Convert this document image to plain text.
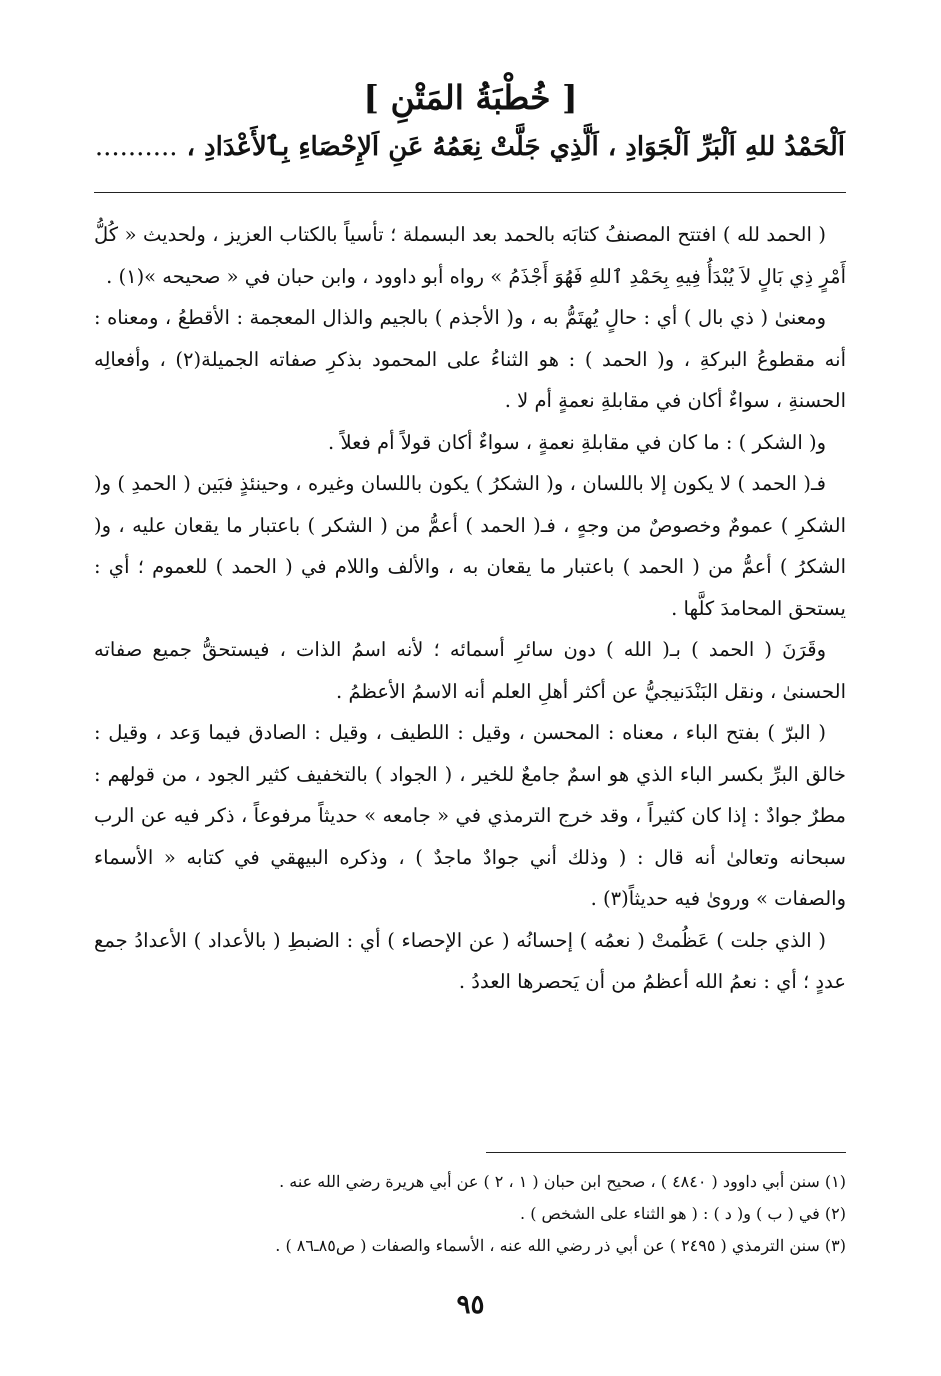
[ خُطْبَةُ المَتْنِ ]
اَلْحَمْدُ للهِ اَلْبَرِّ اَلْجَوَادِ ، اَلَّذِي جَلَّتْ نِعَمُهُ عَنِ اَلإِحْصَاءِ بِٱلأَعْدَادِ ، ..........

( الحمد لله ) افتتح المصنفُ كتابَه بالحمد بعد البسملة ؛ تأسياً بالكتاب العزيز ، ولحديث « كُلُّ أَمْرٍ ذِي بَالٍ لاَ يُبْدَأُ فِيهِ بِحَمْدِ ٱللهِ فَهُوَ أَجْذَمُ » رواه أبو داوود ، وابن حبان في « صحيحه »(١) .

ومعنىٰ ( ذي بال ) أي : حالٍ يُهتَمُّ به ، و( الأجذم ) بالجيم والذال المعجمة : الأقطعُ ، ومعناه : أنه مقطوعُ البركةِ ، و( الحمد ) : هو الثناءُ على المحمود بذكرِ صفاته الجميلة(٢) ، وأفعالِه الحسنةِ ، سواءٌ أكان في مقابلةِ نعمةٍ أم لا .

و( الشكر ) : ما كان في مقابلةِ نعمةٍ ، سواءٌ أكان قولاً أم فعلاً .

فـ( الحمد ) لا يكون إلا باللسان ، و( الشكرُ ) يكون باللسان وغيره ، وحينئذٍ فبَين ( الحمدِ ) و( الشكرِ ) عمومٌ وخصوصٌ من وجهٍ ، فـ( الحمد ) أعمُّ من ( الشكر ) باعتبار ما يقعان عليه ، و( الشكرُ ) أعمُّ من ( الحمد ) باعتبار ما يقعان به ، والألف واللام في ( الحمد ) للعموم ؛ أي : يستحق المحامدَ كلَّها .

وقَرَنَ ( الحمد ) بـ( الله ) دون سائرِ أسمائه ؛ لأنه اسمُ الذات ، فيستحقُّ جميع صفاته الحسنىٰ ، ونقل البَنْدَنيجيُّ عن أكثر أهلِ العلم أنه الاسمُ الأعظمُ .

( البرّ ) بفتح الباء ، معناه : المحسن ، وقيل : اللطيف ، وقيل : الصادق فيما وَعد ، وقيل : خالق البرِّ بكسر الباء الذي هو اسمٌ جامعٌ للخير ، ( الجواد ) بالتخفيف كثير الجود ، من قولهم : مطرٌ جوادٌ : إذا كان كثيراً ، وقد خرج الترمذي في « جامعه » حديثاً مرفوعاً ، ذكر فيه عن الرب سبحانه وتعالىٰ أنه قال : ( وذلك أني جوادٌ ماجدٌ ) ، وذكره البيهقي في كتابه « الأسماء والصفات » وروىٰ فيه حديثاً(٣) .

( الذي جلت ) عَظُمتْ ( نعمُه ) إحسانُه ( عن الإحصاء ) أي : الضبطِ ( بالأعداد ) الأعدادُ جمع عددٍ ؛ أي : نعمُ الله أعظمُ من أن يَحصرها العددُ .

(١) سنن أبي داوود ( ٤٨٤٠ ) ، صحيح ابن حبان ( ١ ، ٢ ) عن أبي هريرة رضي الله عنه .

(٢) في ( ب ) و( د ) : ( هو الثناء على الشخص ) .

(٣) سنن الترمذي ( ٢٤٩٥ ) عن أبي ذر رضي الله عنه ، الأسماء والصفات ( ص٨٥ـ٨٦ ) .

٩٥
